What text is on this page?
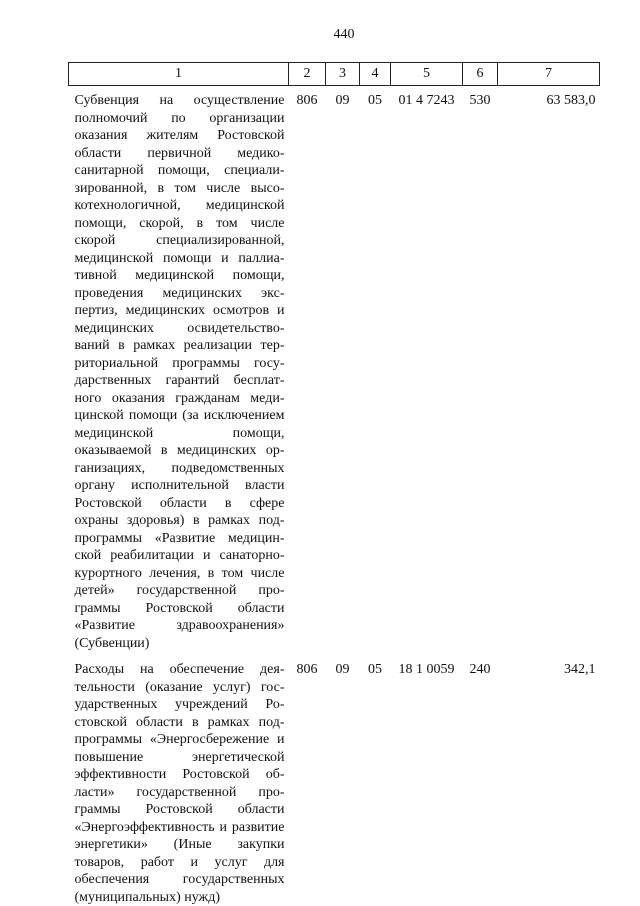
440
1	2	3	4	5	6	7
Субвенция на осуществление полномочий по организации оказания жителям Ростовской области первичной медико-санитарной помощи, специализированной, в том числе высокотехнологичной, медицинской помощи, скорой, в том числе скорой специализированной, медицинской помощи и паллиативной медицинской помощи, проведения медицинских экспертиз, медицинских осмотров и медицинских освидетельствований в рамках реализации территориальной программы государственных гарантий бесплатного оказания гражданам медицинской помощи (за исключением медицинской помощи, оказываемой в медицинских организациях, подведомственных органу исполнительной власти Ростовской области в сфере охраны здоровья) в рамках подпрограммы «Развитие медицинской реабилитации и санаторно-курортного лечения, в том числе детей» государственной программы Ростовской области «Развитие здравоохранения» (Субвенции)	806	09	05	01 4 7243	530	63 583,0
Расходы на обеспечение деятельности (оказание услуг) государственных учреждений Ростовской области в рамках подпрограммы «Энергосбережение и повышение энергетической эффективности Ростовской области» государственной программы Ростовской области «Энергоэффективность и развитие энергетики» (Иные закупки товаров, работ и услуг для обеспечения государственных (муниципальных) нужд)	806	09	05	18 1 0059	240	342,1
